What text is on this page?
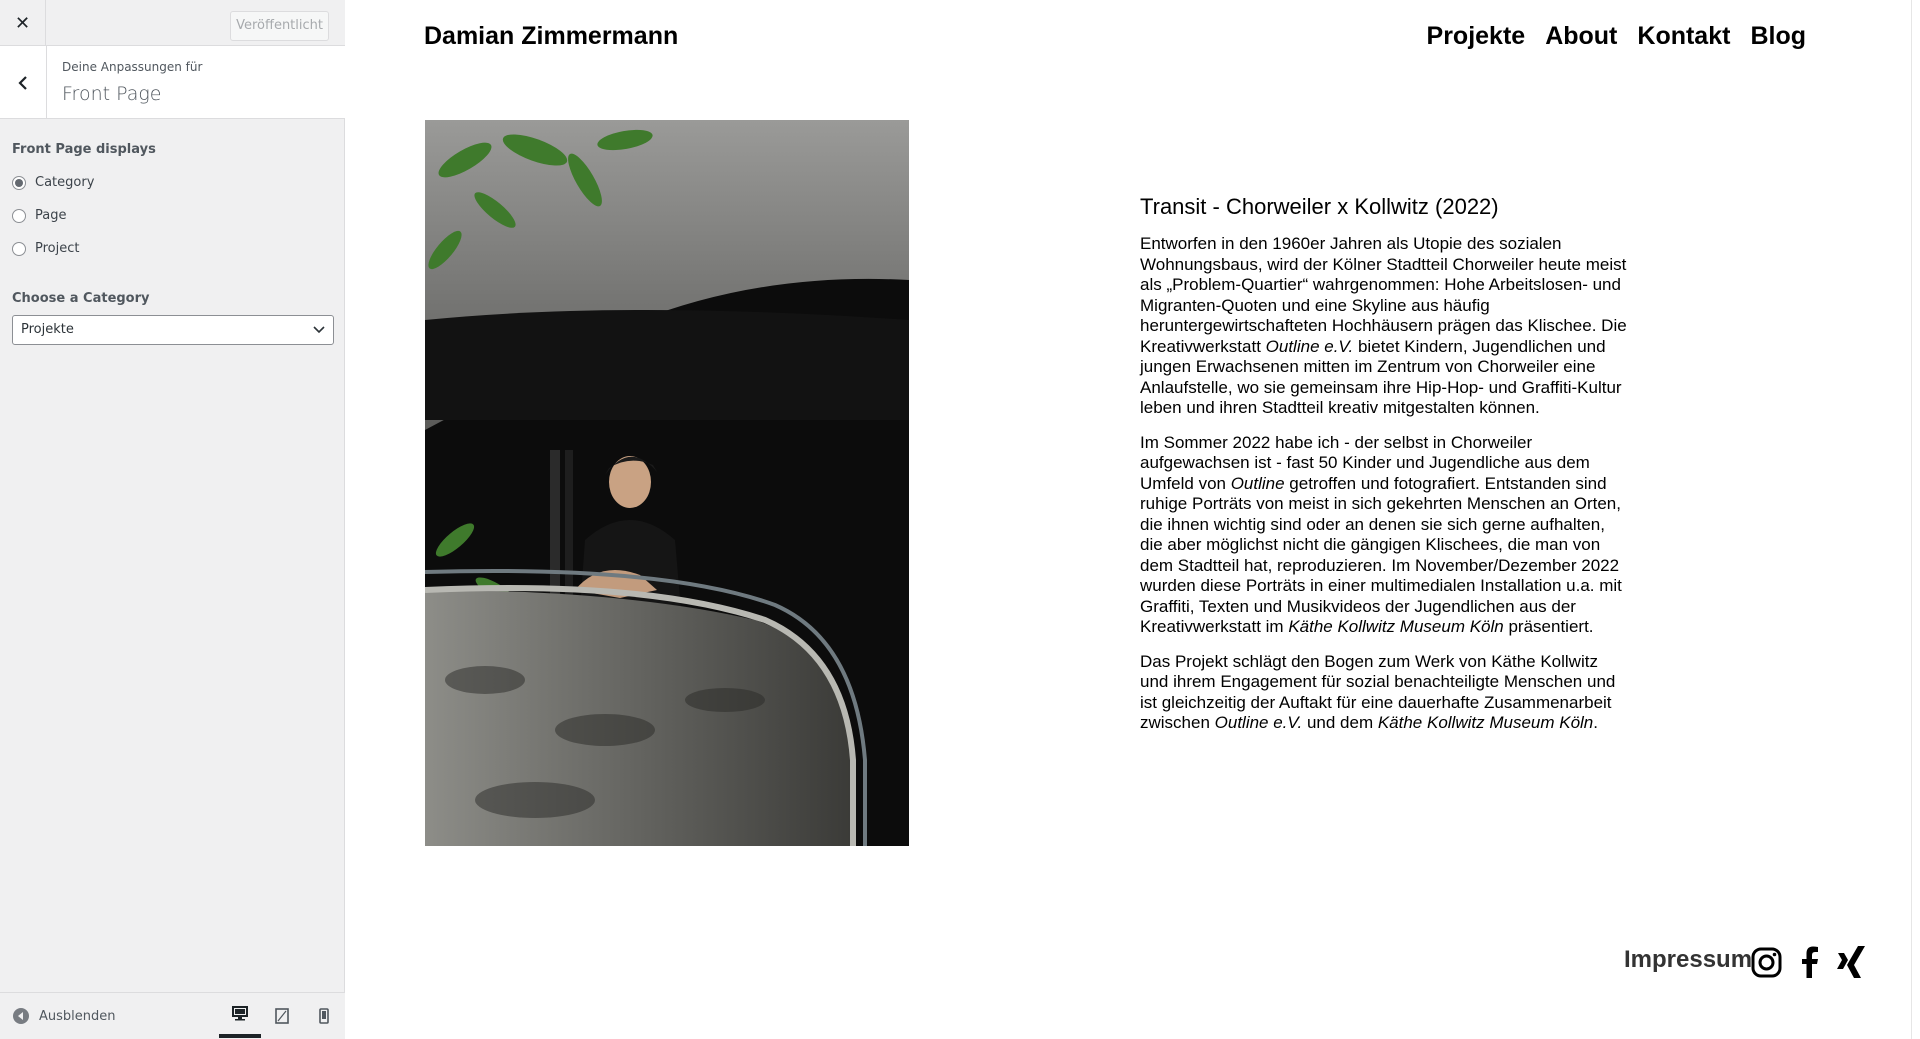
✕	Veröffentlicht
Deine Anpassungen für
Front Page
Front Page displays
Category
Page
Project
Choose a Category
Projekte
Ausblenden
Damian Zimmermann	Projekte About Kontakt Blog
Transit - Chorweiler x Kollwitz (2022)

Entworfen in den 1960er Jahren als Utopie des sozialen Wohnungsbaus, wird der Kölner Stadtteil Chorweiler heute meist als „Problem-Quartier“ wahrgenommen: Hohe Arbeitslosen- und Migranten-Quoten und eine Skyline aus häufig heruntergewirtschafteten Hochhäusern prägen das Klischee. Die Kreativwerkstatt Outline e.V. bietet Kindern, Jugendlichen und jungen Erwachsenen mitten im Zentrum von Chorweiler eine Anlaufstelle, wo sie gemeinsam ihre Hip-Hop- und Graffiti-Kultur leben und ihren Stadtteil kreativ mitgestalten können.

Im Sommer 2022 habe ich - der selbst in Chorweiler aufgewachsen ist - fast 50 Kinder und Jugendliche aus dem Umfeld von Outline getroffen und fotografiert. Entstanden sind ruhige Porträts von meist in sich gekehrten Menschen an Orten, die ihnen wichtig sind oder an denen sie sich gerne aufhalten, die aber möglichst nicht die gängigen Klischees, die man von dem Stadtteil hat, reproduzieren. Im November/Dezember 2022 wurden diese Porträts in einer multimedialen Installation u.a. mit Graffiti, Texten und Musikvideos der Jugendlichen aus der Kreativwerkstatt im Käthe Kollwitz Museum Köln präsentiert.

Das Projekt schlägt den Bogen zum Werk von Käthe Kollwitz und ihrem Engagement für sozial benachteiligte Menschen und ist gleichzeitig der Auftakt für eine dauerhafte Zusammenarbeit zwischen Outline e.V. und dem Käthe Kollwitz Museum Köln.

Impressum
